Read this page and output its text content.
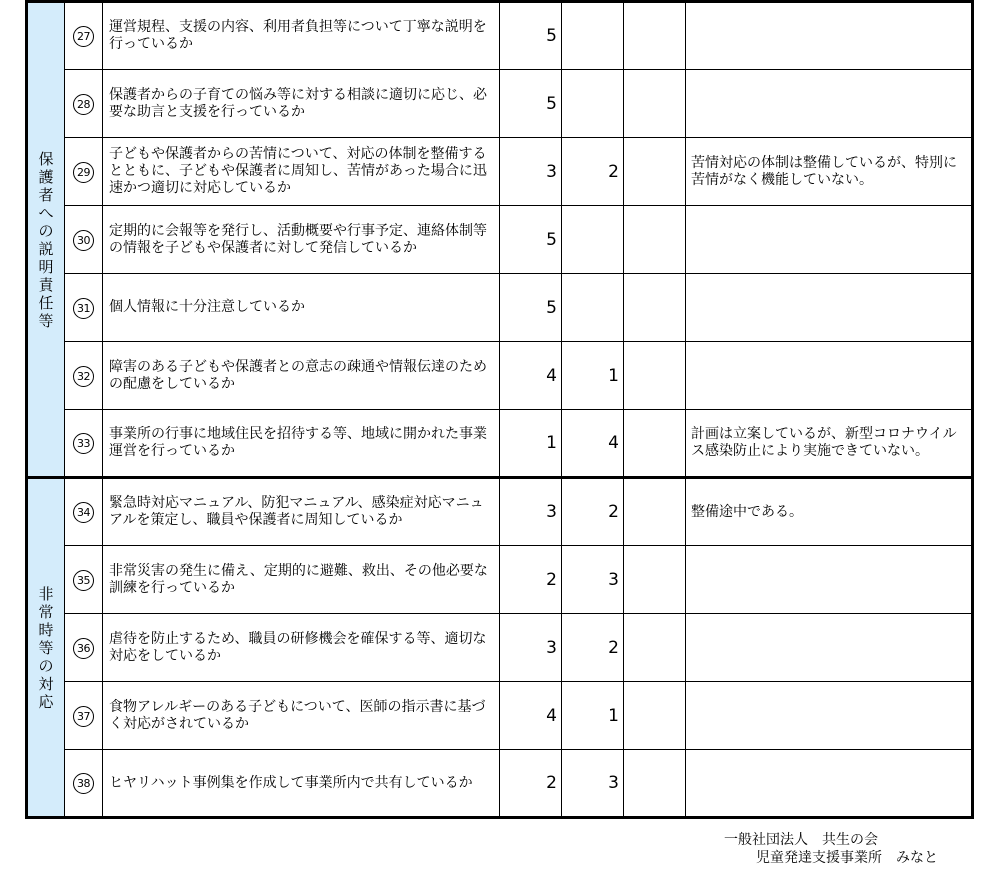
保護者への説明責任等	27	運営規程、支援の内容、利用者負担等について丁寧な説明を行っているか	5			
	28	保護者からの子育ての悩み等に対する相談に適切に応じ、必要な助言と支援を行っているか	5			
	29	子どもや保護者からの苦情について、対応の体制を整備するとともに、子どもや保護者に周知し、苦情があった場合に迅速かつ適切に対応しているか	3	2		苦情対応の体制は整備しているが、特別に苦情がなく機能していない。
	30	定期的に会報等を発行し、活動概要や行事予定、連絡体制等の情報を子どもや保護者に対して発信しているか	5			
	31	個人情報に十分注意しているか	5			
	32	障害のある子どもや保護者との意志の疎通や情報伝達のための配慮をしているか	4	1		
	33	事業所の行事に地域住民を招待する等、地域に開かれた事業運営を行っているか	1	4		計画は立案しているが、新型コロナウイルス感染防止により実施できていない。
非常時等の対応	34	緊急時対応マニュアル、防犯マニュアル、感染症対応マニュアルを策定し、職員や保護者に周知しているか	3	2		整備途中である。
	35	非常災害の発生に備え、定期的に避難、救出、その他必要な訓練を行っているか	2	3		
	36	虐待を防止するため、職員の研修機会を確保する等、適切な対応をしているか	3	2		
	37	食物アレルギーのある子どもについて、医師の指示書に基づく対応がされているか	4	1		
	38	ヒヤリハット事例集を作成して事業所内で共有しているか	2	3		
一般社団法人　共生の会
児童発達支援事業所　みなと
